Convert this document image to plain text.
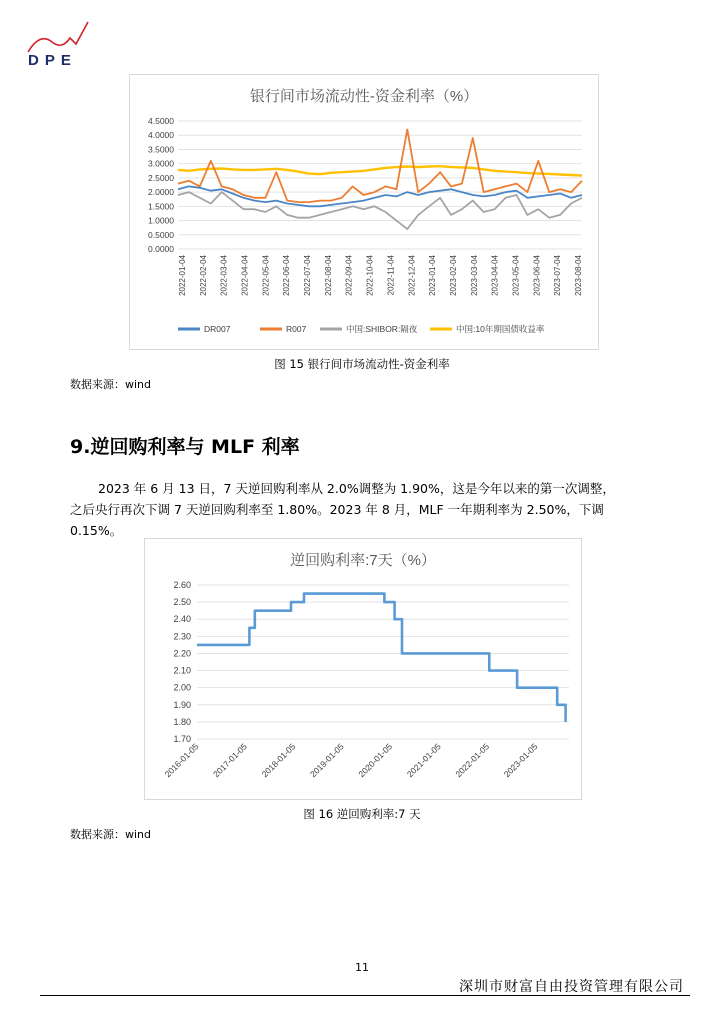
DPE
银行间市场流动性-资金利率（%）
0.0000
0.5000
1.0000
1.5000
2.0000
2.5000
3.0000
3.5000
4.0000
4.5000
2022-01-04 2022-02-04 2022-03-04 2022-04-04 2022-05-04 2022-06-04 2022-07-04 2022-08-04 2022-09-04 2022-10-04 2022-11-04 2022-12-04 2023-01-04 2023-02-04 2023-03-04 2023-04-04 2023-05-04 2023-06-04 2023-07-04 2023-08-04
DR007	R007	中国:SHIBOR:隔夜	中国:10年期国债收益率
图 15 银行间市场流动性-资金利率
数据来源：wind
9.逆回购利率与 MLF 利率
2023 年 6 月 13 日，7 天逆回购利率从 2.0%调整为 1.90%，这是今年以来的第一次调整，
之后央行再次下调 7 天逆回购利率至 1.80%。2023 年 8 月，MLF 一年期利率为 2.50%，下调
0.15%。
逆回购利率:7天（%）
1.70
1.80
1.90
2.00
2.10
2.20
2.30
2.40
2.50
2.60
2016-01-05 2017-01-05 2018-01-05 2019-01-05 2020-01-05 2021-01-05 2022-01-05 2023-01-05
图 16 逆回购利率:7 天
数据来源：wind
11
深圳市财富自由投资管理有限公司
